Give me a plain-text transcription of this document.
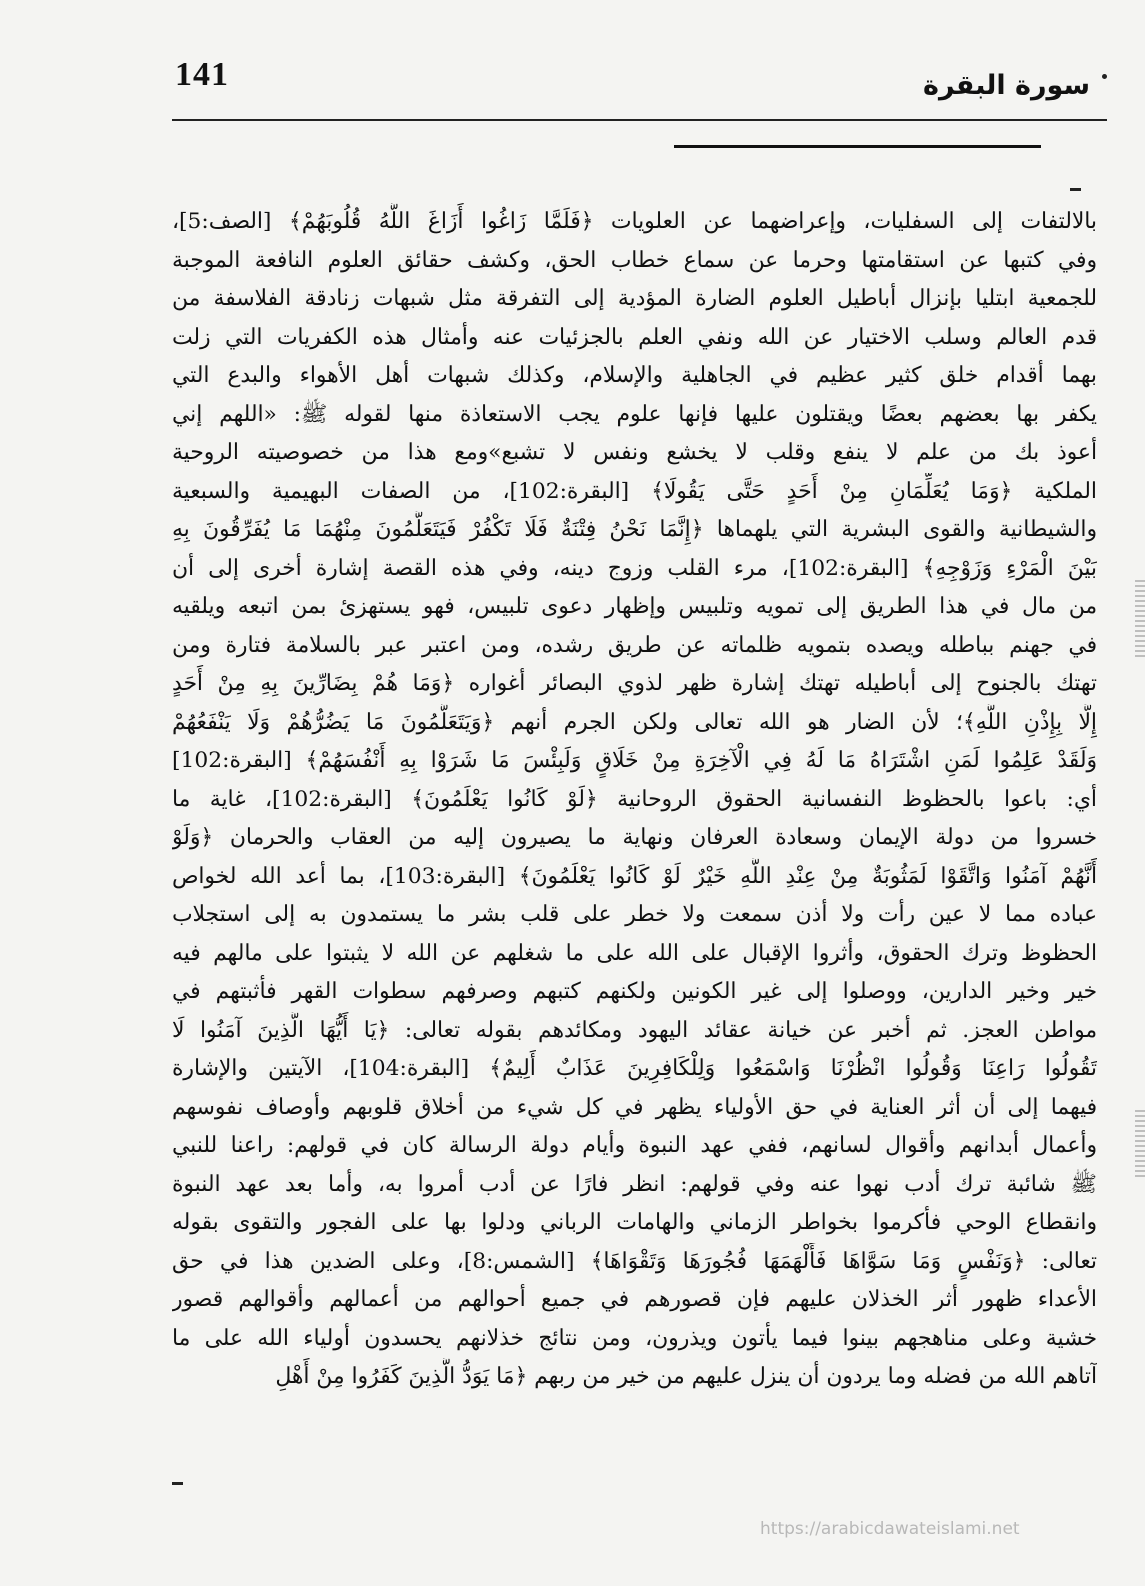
141	سورة البقرة
بالالتفات إلى السفليات، وإعراضهما عن العلويات ﴿فَلَمَّا زَاغُوا أَزَاغَ اللَّهُ قُلُوبَهُمْ﴾ [الصف:5]،
وفي كتبها عن استقامتها وحرما عن سماع خطاب الحق، وكشف حقائق العلوم النافعة الموجبة
للجمعية ابتليا بإنزال أباطيل العلوم الضارة المؤدية إلى التفرقة مثل شبهات زنادقة الفلاسفة من
قدم العالم وسلب الاختيار عن الله ونفي العلم بالجزئيات عنه وأمثال هذه الكفريات التي زلت
بهما أقدام خلق كثير عظيم في الجاهلية والإسلام، وكذلك شبهات أهل الأهواء والبدع التي
يكفر بها بعضهم بعضًا ويقتلون عليها فإنها علوم يجب الاستعاذة منها لقوله ﷺ: «اللهم إني
أعوذ بك من علم لا ينفع وقلب لا يخشع ونفس لا تشبع»ومع هذا من خصوصيته الروحية
الملكية ﴿وَمَا يُعَلِّمَانِ مِنْ أَحَدٍ حَتَّى يَقُولَا﴾ [البقرة:102]، من الصفات البهيمية والسبعية
والشيطانية والقوى البشرية التي يلهماها ﴿إِنَّمَا نَحْنُ فِتْنَةٌ فَلَا تَكْفُرْ فَيَتَعَلَّمُونَ مِنْهُمَا مَا يُفَرِّقُونَ بِهِ
بَيْنَ الْمَرْءِ وَزَوْجِهِ﴾ [البقرة:102]، مرء القلب وزوج دينه، وفي هذه القصة إشارة أخرى إلى أن
من مال في هذا الطريق إلى تمويه وتلبيس وإظهار دعوى تلبيس، فهو يستهزئ بمن اتبعه ويلقيه
في جهنم بباطله ويصده بتمويه ظلماته عن طريق رشده، ومن اعتبر عبر بالسلامة فتارة ومن
تهتك بالجنوح إلى أباطيله تهتك إشارة ظهر لذوي البصائر أغواره ﴿وَمَا هُمْ بِضَارِّينَ بِهِ مِنْ أَحَدٍ
إِلَّا بِإِذْنِ اللَّهِ﴾؛ لأن الضار هو الله تعالى ولكن الجرم أنهم ﴿وَيَتَعَلَّمُونَ مَا يَضُرُّهُمْ وَلَا يَنْفَعُهُمْ
وَلَقَدْ عَلِمُوا لَمَنِ اشْتَرَاهُ مَا لَهُ فِي الْآخِرَةِ مِنْ خَلَاقٍ وَلَبِئْسَ مَا شَرَوْا بِهِ أَنْفُسَهُمْ﴾ [البقرة:102]
أي: باعوا بالحظوظ النفسانية الحقوق الروحانية ﴿لَوْ كَانُوا يَعْلَمُونَ﴾ [البقرة:102]، غاية ما
خسروا من دولة الإيمان وسعادة العرفان ونهاية ما يصيرون إليه من العقاب والحرمان ﴿وَلَوْ
أَنَّهُمْ آمَنُوا وَاتَّقَوْا لَمَثُوبَةٌ مِنْ عِنْدِ اللَّهِ خَيْرٌ لَوْ كَانُوا يَعْلَمُونَ﴾ [البقرة:103]، بما أعد الله لخواص
عباده مما لا عين رأت ولا أذن سمعت ولا خطر على قلب بشر ما يستمدون به إلى استجلاب
الحظوظ وترك الحقوق، وأثروا الإقبال على الله على ما شغلهم عن الله لا يثبتوا على مالهم فيه
خير وخير الدارين، ووصلوا إلى غير الكونين ولكنهم كتبهم وصرفهم سطوات القهر فأثبتهم في
مواطن العجز. ثم أخبر عن خيانة عقائد اليهود ومكائدهم بقوله تعالى: ﴿يَا أَيُّهَا الَّذِينَ آمَنُوا لَا
تَقُولُوا رَاعِنَا وَقُولُوا انْظُرْنَا وَاسْمَعُوا وَلِلْكَافِرِينَ عَذَابٌ أَلِيمٌ﴾ [البقرة:104]، الآيتين والإشارة
فيهما إلى أن أثر العناية في حق الأولياء يظهر في كل شيء من أخلاق قلوبهم وأوصاف نفوسهم
وأعمال أبدانهم وأقوال لسانهم، ففي عهد النبوة وأيام دولة الرسالة كان في قولهم: راعنا للنبي
ﷺ شائبة ترك أدب نهوا عنه وفي قولهم: انظر فارًا عن أدب أمروا به، وأما بعد عهد النبوة
وانقطاع الوحي فأكرموا بخواطر الزماني والهامات الرباني ودلوا بها على الفجور والتقوى بقوله
تعالى: ﴿وَنَفْسٍ وَمَا سَوَّاهَا فَأَلْهَمَهَا فُجُورَهَا وَتَقْوَاهَا﴾ [الشمس:8]، وعلى الضدين هذا في حق
الأعداء ظهور أثر الخذلان عليهم فإن قصورهم في جميع أحوالهم من أعمالهم وأقوالهم قصور
خشية وعلى مناهجهم بينوا فيما يأتون ويذرون، ومن نتائج خذلانهم يحسدون أولياء الله على ما
آتاهم الله من فضله وما يردون أن ينزل عليهم من خير من ربهم ﴿مَا يَوَدُّ الَّذِينَ كَفَرُوا مِنْ أَهْلِ
https://arabicdawateislami.net
